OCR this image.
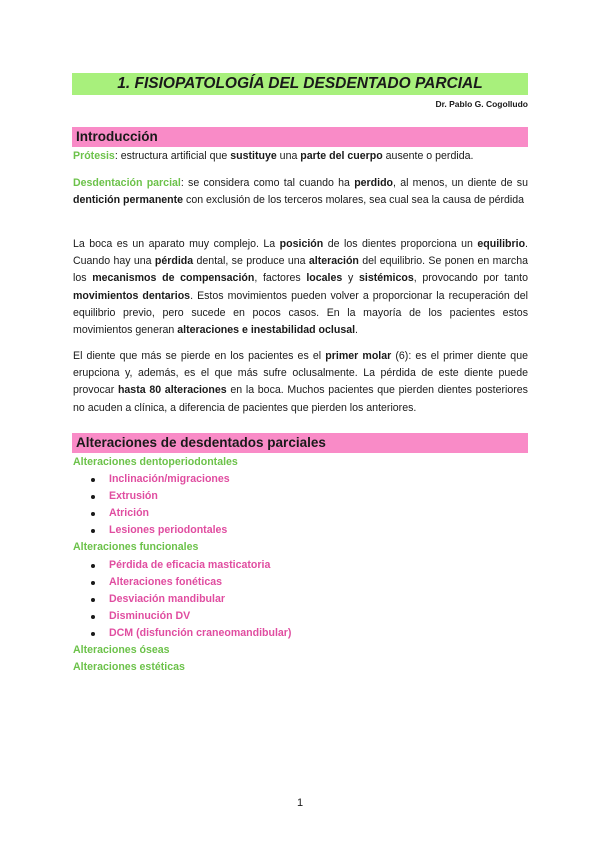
1. FISIOPATOLOGÍA DEL DESDENTADO PARCIAL
Dr. Pablo G. Cogolludo
Introducción
Prótesis: estructura artificial que sustituye una parte del cuerpo ausente o perdida.
Desdentación parcial: se considera como tal cuando ha perdido, al menos, un diente de su dentición permanente con exclusión de los terceros molares, sea cual sea la causa de pérdida
La boca es un aparato muy complejo. La posición de los dientes proporciona un equilibrio. Cuando hay una pérdida dental, se produce una alteración del equilibrio. Se ponen en marcha los mecanismos de compensación, factores locales y sistémicos, provocando por tanto movimientos dentarios. Estos movimientos pueden volver a proporcionar la recuperación del equilibrio previo, pero sucede en pocos casos. En la mayoría de los pacientes estos movimientos generan alteraciones e inestabilidad oclusal.
El diente que más se pierde en los pacientes es el primer molar (6): es el primer diente que erupciona y, además, es el que más sufre oclusalmente. La pérdida de este diente puede provocar hasta 80 alteraciones en la boca. Muchos pacientes que pierden dientes posteriores no acuden a clínica, a diferencia de pacientes que pierden los anteriores.
Alteraciones de desdentados parciales
Alteraciones dentoperiodontales
Inclinación/migraciones
Extrusión
Atrición
Lesiones periodontales
Alteraciones funcionales
Pérdida de eficacia masticatoria
Alteraciones fonéticas
Desviación mandibular
Disminución DV
DCM (disfunción craneomandibular)
Alteraciones óseas
Alteraciones estéticas
1
